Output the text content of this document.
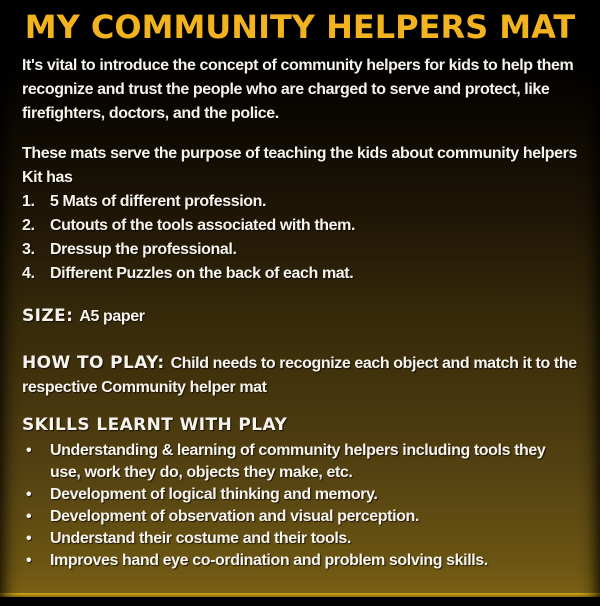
MY COMMUNITY HELPERS MAT

It's vital to introduce the concept of community helpers for kids to help them recognize and trust the people who are charged to serve and protect, like firefighters, doctors, and the police.

These mats serve the purpose of teaching the kids about community helpers

Kit has

1. 5 Mats of different profession.
2. Cutouts of the tools associated with them.
3. Dressup the professional.
4. Different Puzzles on the back of each mat.

SIZE: A5 paper

HOW TO PLAY: Child needs to recognize each object and match it to the respective Community helper mat

SKILLS LEARNT WITH PLAY
•	Understanding & learning of community helpers including tools they use, work they do, objects they make, etc.
•	Development of logical thinking and memory.
•	Development of observation and visual perception.
•	Understand their costume and their tools.
•	Improves hand eye co-ordination and problem solving skills.
